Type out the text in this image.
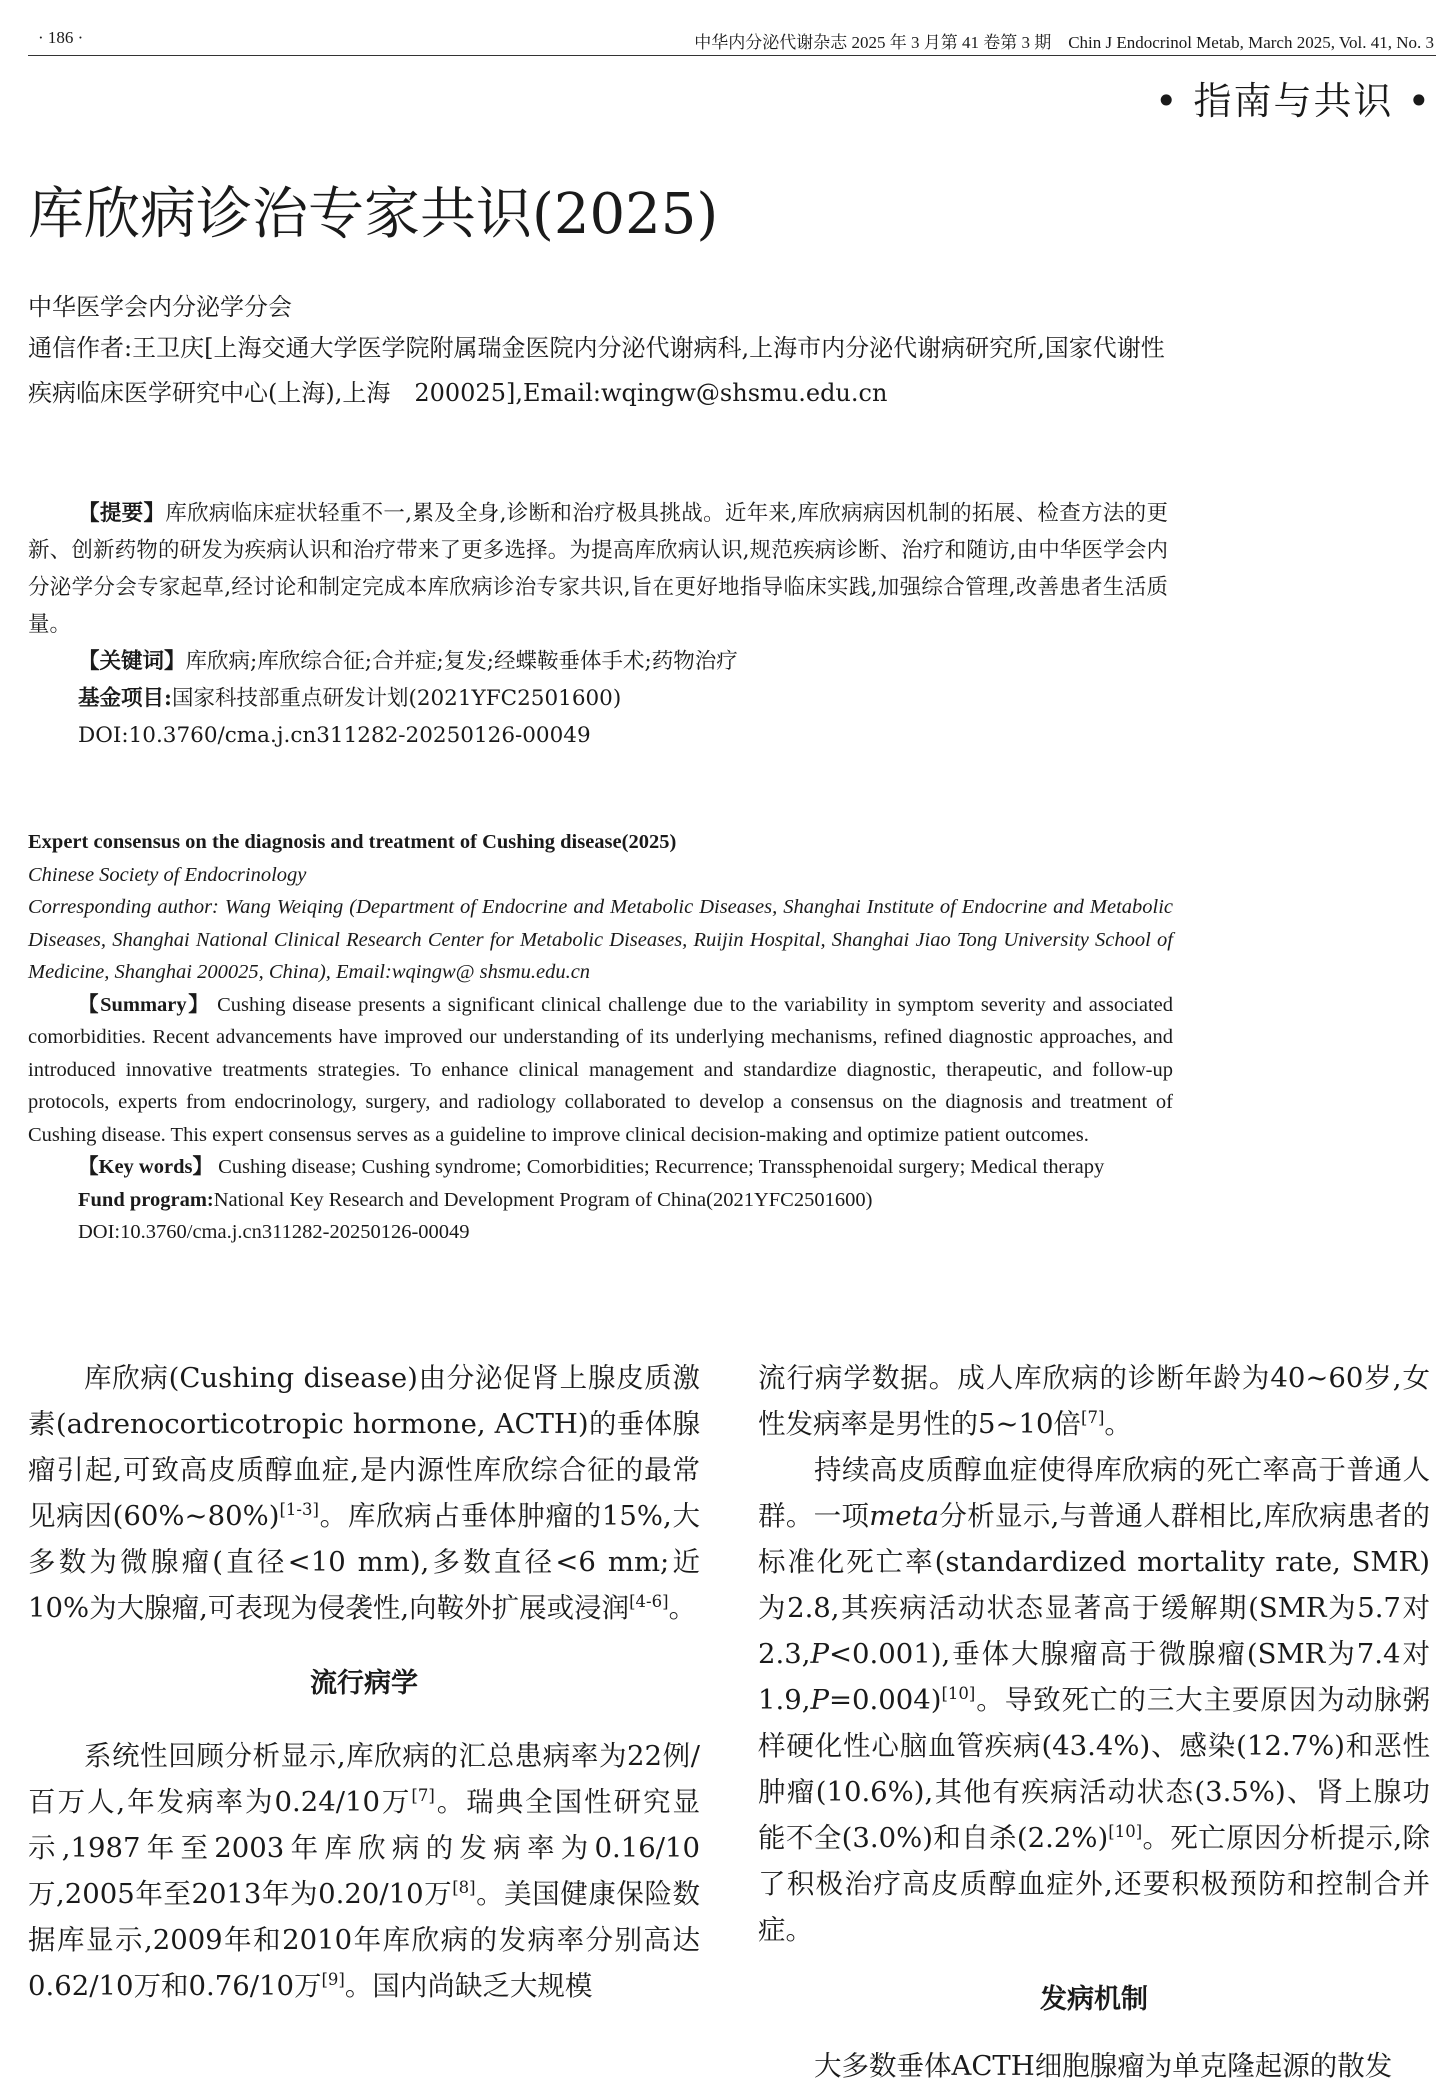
· 186 ·	中华内分泌代谢杂志 2025 年 3 月第 41 卷第 3 期　Chin J Endocrinol Metab, March 2025, Vol. 41, No. 3
• 指南与共识 •
库欣病诊治专家共识(2025)
中华医学会内分泌学分会
通信作者:王卫庆[上海交通大学医学院附属瑞金医院内分泌代谢病科,上海市内分泌代谢病研究所,国家代谢性疾病临床医学研究中心(上海),上海　200025],Email:wqingw@shsmu.edu.cn

【提要】库欣病临床症状轻重不一,累及全身,诊断和治疗极具挑战。近年来,库欣病病因机制的拓展、检查方法的更新、创新药物的研发为疾病认识和治疗带来了更多选择。为提高库欣病认识,规范疾病诊断、治疗和随访,由中华医学会内分泌学分会专家起草,经讨论和制定完成本库欣病诊治专家共识,旨在更好地指导临床实践,加强综合管理,改善患者生活质量。

【关键词】库欣病;库欣综合征;合并症;复发;经蝶鞍垂体手术;药物治疗

基金项目:国家科技部重点研发计划(2021YFC2501600)

DOI:10.3760/cma.j.cn311282-20250126-00049

Expert consensus on the diagnosis and treatment of Cushing disease(2025)

Chinese Society of Endocrinology

Corresponding author: Wang Weiqing (Department of Endocrine and Metabolic Diseases, Shanghai Institute of Endocrine and Metabolic Diseases, Shanghai National Clinical Research Center for Metabolic Diseases, Ruijin Hospital, Shanghai Jiao Tong University School of Medicine, Shanghai 200025, China), Email:wqingw@ shsmu.edu.cn

【Summary】 Cushing disease presents a significant clinical challenge due to the variability in symptom severity and associated comorbidities. Recent advancements have improved our understanding of its underlying mechanisms, refined diagnostic approaches, and introduced innovative treatments strategies. To enhance clinical management and standardize diagnostic, therapeutic, and follow-up protocols, experts from endocrinology, surgery, and radiology collaborated to develop a consensus on the diagnosis and treatment of Cushing disease. This expert consensus serves as a guideline to improve clinical decision-making and optimize patient outcomes.

【Key words】 Cushing disease; Cushing syndrome; Comorbidities; Recurrence; Transsphenoidal surgery; Medical therapy

Fund program:National Key Research and Development Program of China(2021YFC2501600)

DOI:10.3760/cma.j.cn311282-20250126-00049

库欣病(Cushing disease)由分泌促肾上腺皮质激素(adrenocorticotropic hormone, ACTH)的垂体腺瘤引起,可致高皮质醇血症,是内源性库欣综合征的最常见病因(60%~80%)[1-3]。库欣病占垂体肿瘤的15%,大多数为微腺瘤(直径<10 mm),多数直径<6 mm;近10%为大腺瘤,可表现为侵袭性,向鞍外扩展或浸润[4-6]。

流行病学

系统性回顾分析显示,库欣病的汇总患病率为22例/百万人,年发病率为0.24/10万[7]。瑞典全国性研究显示,1987年至2003年库欣病的发病率为0.16/10万,2005年至2013年为0.20/10万[8]。美国健康保险数据库显示,2009年和2010年库欣病的发病率分别高达0.62/10万和0.76/10万[9]。国内尚缺乏大规模

流行病学数据。成人库欣病的诊断年龄为40~60岁,女性发病率是男性的5~10倍[7]。

持续高皮质醇血症使得库欣病的死亡率高于普通人群。一项meta分析显示,与普通人群相比,库欣病患者的标准化死亡率(standardized mortality rate, SMR)为2.8,其疾病活动状态显著高于缓解期(SMR为5.7对2.3,P<0.001),垂体大腺瘤高于微腺瘤(SMR为7.4对1.9,P=0.004)[10]。导致死亡的三大主要原因为动脉粥样硬化性心脑血管疾病(43.4%)、感染(12.7%)和恶性肿瘤(10.6%),其他有疾病活动状态(3.5%)、肾上腺功能不全(3.0%)和自杀(2.2%)[10]。死亡原因分析提示,除了积极治疗高皮质醇血症外,还要积极预防和控制合并症。

发病机制

大多数垂体ACTH细胞腺瘤为单克隆起源的散发
